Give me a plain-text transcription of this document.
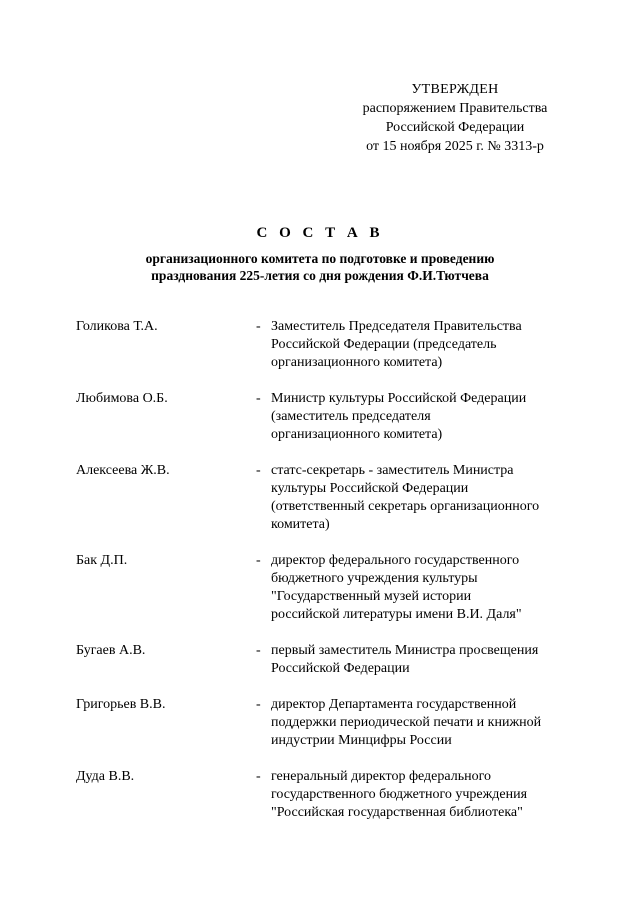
УТВЕРЖДЕН
распоряжением Правительства
Российской Федерации
от 15 ноября 2025 г. № 3313-р
С О С Т А В
организационного комитета по подготовке и проведению
празднования 225-летия со дня рождения Ф.И.Тютчева
Голикова Т.А.	- Заместитель Председателя Правительства
Российской Федерации (председатель
организационного комитета)
Любимова О.Б.	- Министр культуры Российской Федерации
(заместитель председателя
организационного комитета)
Алексеева Ж.В.	- статс-секретарь - заместитель Министра
культуры Российской Федерации
(ответственный секретарь организационного
комитета)
Бак Д.П.	- директор федерального государственного
бюджетного учреждения культуры
"Государственный музей истории
российской литературы имени В.И. Даля"
Бугаев А.В.	- первый заместитель Министра просвещения
Российской Федерации
Григорьев В.В.	- директор Департамента государственной
поддержки периодической печати и книжной
индустрии Минцифры России
Дуда В.В.	- генеральный директор федерального
государственного бюджетного учреждения
"Российская государственная библиотека"
